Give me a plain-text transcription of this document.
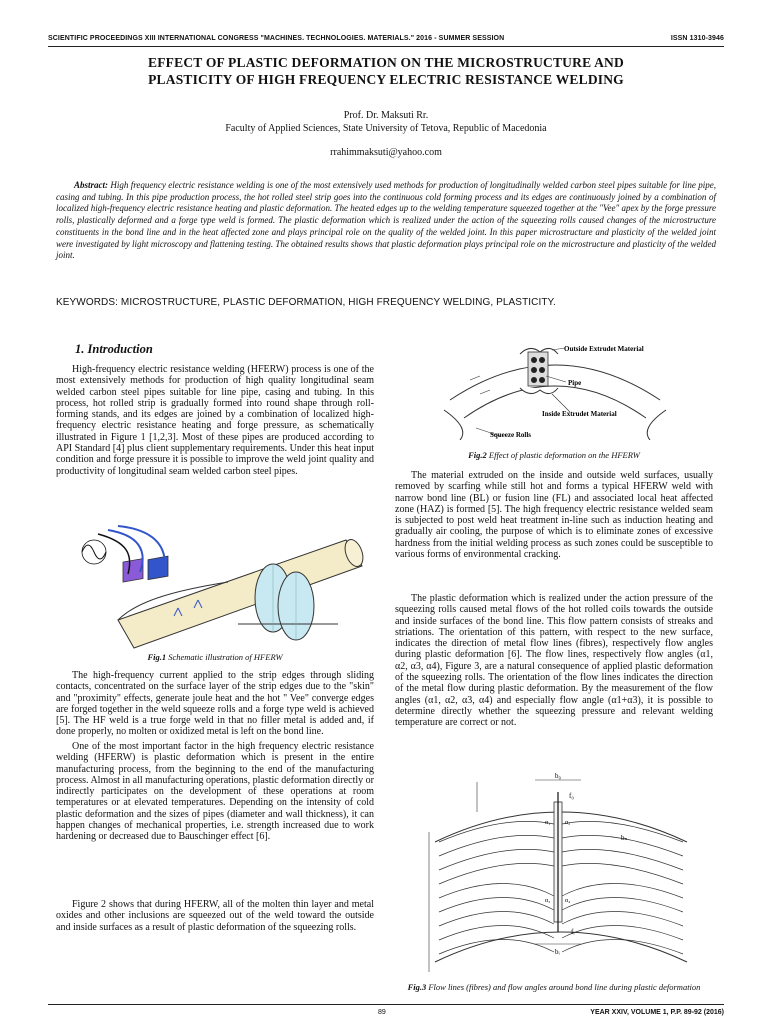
SCIENTIFIC PROCEEDINGS XIII INTERNATIONAL CONGRESS "MACHINES. TECHNOLOGIES. MATERIALS." 2016 - SUMMER SESSION	ISSN 1310-3946
EFFECT OF PLASTIC DEFORMATION ON THE MICROSTRUCTURE AND
PLASTICITY OF HIGH FREQUENCY ELECTRIC RESISTANCE WELDING
Prof. Dr. Maksuti Rr.
Faculty of Applied Sciences, State University of Tetova, Republic of Macedonia
rrahimmaksuti@yahoo.com
Abstract: High frequency electric resistance welding is one of the most extensively used methods for production of longitudinally welded carbon steel pipes suitable for line pipe, casing and tubing. In this pipe production process, the hot rolled steel strip goes into the continuous cold forming process and its edges are continuously joined by a combination of localized high-frequency electric resistance heating and plastic deformation. The heated edges up to the welding temperature squeezed together at the "Vee" apex by the forge pressure rolls, plastically deformed and a forge type weld is formed. The plastic deformation which is realized under the action of the squeezing rolls caused changes of the microstructure constituents in the bond line and in the heat affected zone and plays principal role on the quality of the welded joint. In this paper microstructure and plasticity of the welded joint were investigated by light microscopy and flattening testing. The obtained results shows that plastic deformation plays principal role on the microstructure and plasticity of the welded joint.
KEYWORDS: MICROSTRUCTURE, PLASTIC DEFORMATION, HIGH FREQUENCY WELDING, PLASTICITY.
1. Introduction

High-frequency electric resistance welding (HFERW) process is one of the most extensively methods for production of high quality longitudinal seam welded carbon steel pipes suitable for line pipe, casing and tubing. In this process, hot rolled strip is gradually formed into round shape through roll-forming stands, and its edges are joined by a combination of localized high-frequency electric resistance heating and forge pressure, as schematically illustrated in Figure 1 [1,2,3]. Most of these pipes are produced according to API Standard [4] plus client supplementary requirements. Under this heat input condition and forge pressure it is possible to improve the weld joint quality and productivity of longitudinal seam welded carbon steel pipes.

Fig.1 Schematic illustration of HFERW

The high-frequency current applied to the strip edges through sliding contacts, concentrated on the surface layer of the strip edges due to the "skin" and "proximity" effects, generate joule heat and the hot " Vee" converge edges are forged together in the weld squeeze rolls and a forge type weld is achieved [5]. The HF weld is a true forge weld in that no filler metal is added and, if done properly, no molten or oxidized metal is left on the bond line.

One of the most important factor in the high frequency electric resistance welding (HFERW) is plastic deformation which is present in the entire manufacturing process, from the beginning to the end of the manufacturing process. Almost in all manufacturing operations, plastic deformation directly or indirectly participates on the development of these operations at room temperatures or at elevated temperatures. Depending on the intensity of cold plastic deformation and the sizes of pipes (diameter and wall thickness), it can happen changes of mechanical properties, i.e. strength increased due to work hardening or decreased due to Bauschinger effect [6].

Figure 2 shows that during HFERW, all of the molten thin layer and metal oxides and other inclusions are squeezed out of the weld toward the outside and inside surfaces as a result of plastic deformation of the squeezing rolls.

Outside Extrudet Material
Pipe
Inside Extrudet Material
Squeeze Rolls
Fig.2 Effect of plastic deformation on the HFERW

The material extruded on the inside and outside weld surfaces, usually removed by scarfing while still hot and forms a typical HFERW weld with narrow bond line (BL) or fusion line (FL) and associated local heat affected zone (HAZ) is formed [5]. The high frequency electric resistance welded seam is subjected to post weld heat treatment in-line such as induction heating and gradually air cooling, the purpose of which is to eliminate zones of excessive hardness from the initial welding process as such zones could be susceptible to various forms of environmental cracking.

The plastic deformation which is realized under the action pressure of the squeezing rolls caused metal flows of the hot rolled coils towards the outside and inside surfaces of the bond line. This flow pattern consists of streaks and striations. The orientation of this pattern, with respect to the new surface, indicates the direction of metal flow lines (fibres), respectively flow angles during plastic deformation [6]. The flow lines, respectively flow angles (α1, α2, α3, α4), Figure 3, are a natural consequence of applied plastic deformation of the squeezing rolls. The orientation of the flow lines indicates the direction of the metal flow during plastic deformation. By the measurement of the flow angles (α1, α2, α3, α4) and especially flow angle (α1+α3), it is possible to determine directly whether the squeezing pressure and relevant welding temperature are correct or not.

b₀
f₀
bₙ
bᵢ
fᵢ
α₁ α₂
α₃ α₄
Fig.3 Flow lines (fibres) and flow angles around bond line during plastic deformation
89	YEAR XXIV, VOLUME 1, P.P. 89-92 (2016)
